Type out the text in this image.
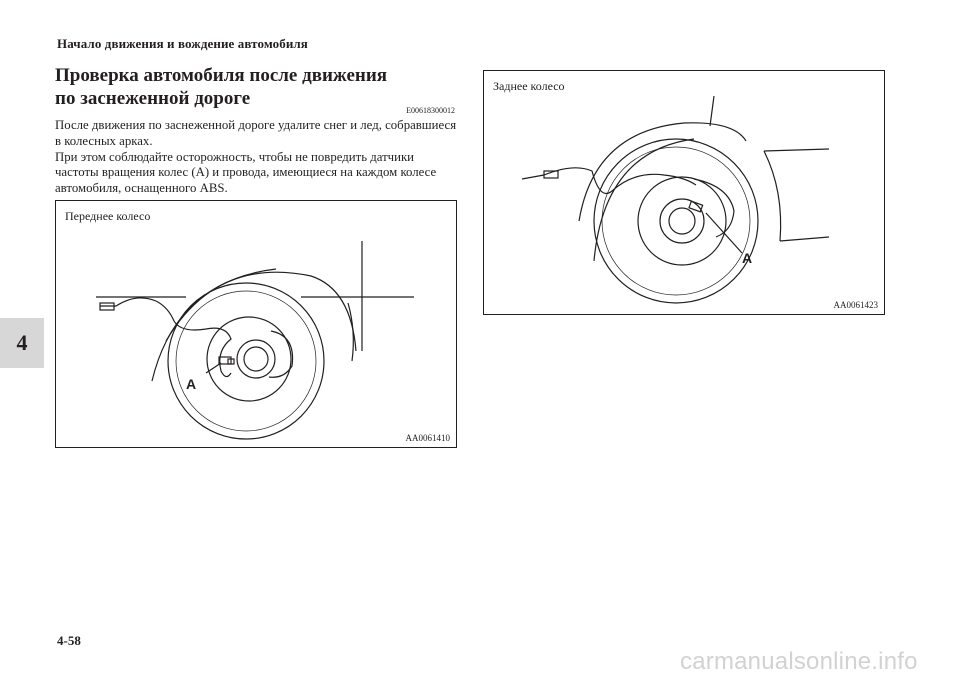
Начало движения и вождение автомобиля
Проверка автомобиля после движения
по заснеженной дороге
E00618300012

После движения по заснеженной дороге удалите снег и лед, собравшиеся в колесных арках.

При этом соблюдайте осторожность, чтобы не повредить датчики частоты вращения колес (A) и провода, имеющиеся на каждом колесе автомобиля, оснащенного ABS.

4
A
Переднее колесо
AA0061410
A
Заднее колесо
AA0061423
4-58
carmanualsonline.info
